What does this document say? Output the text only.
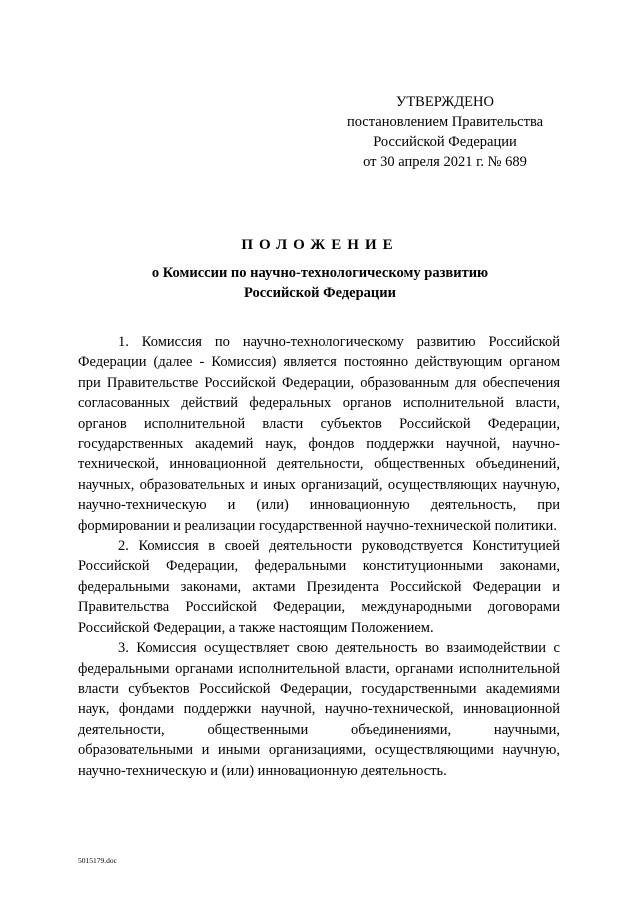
УТВЕРЖДЕНО
постановлением Правительства
Российской Федерации
от 30 апреля 2021 г. № 689
ПОЛОЖЕНИЕ
о Комиссии по научно-технологическому развитию
Российской Федерации

1. Комиссия по научно-технологическому развитию Российской Федерации (далее - Комиссия) является постоянно действующим органом при Правительстве Российской Федерации, образованным для обеспечения согласованных действий федеральных органов исполнительной власти, органов исполнительной власти субъектов Российской Федерации, государственных академий наук, фондов поддержки научной, научно-технической, инновационной деятельности, общественных объединений, научных, образовательных и иных организаций, осуществляющих научную, научно-техническую и (или) инновационную деятельность, при формировании и реализации государственной научно-технической политики.

2. Комиссия в своей деятельности руководствуется Конституцией Российской Федерации, федеральными конституционными законами, федеральными законами, актами Президента Российской Федерации и Правительства Российской Федерации, международными договорами Российской Федерации, а также настоящим Положением.

3. Комиссия осуществляет свою деятельность во взаимодействии с федеральными органами исполнительной власти, органами исполнительной власти субъектов Российской Федерации, государственными академиями наук, фондами поддержки научной, научно-технической, инновационной деятельности, общественными объединениями, научными, образовательными и иными организациями, осуществляющими научную, научно-техническую и (или) инновационную деятельность.

5015179.doc
